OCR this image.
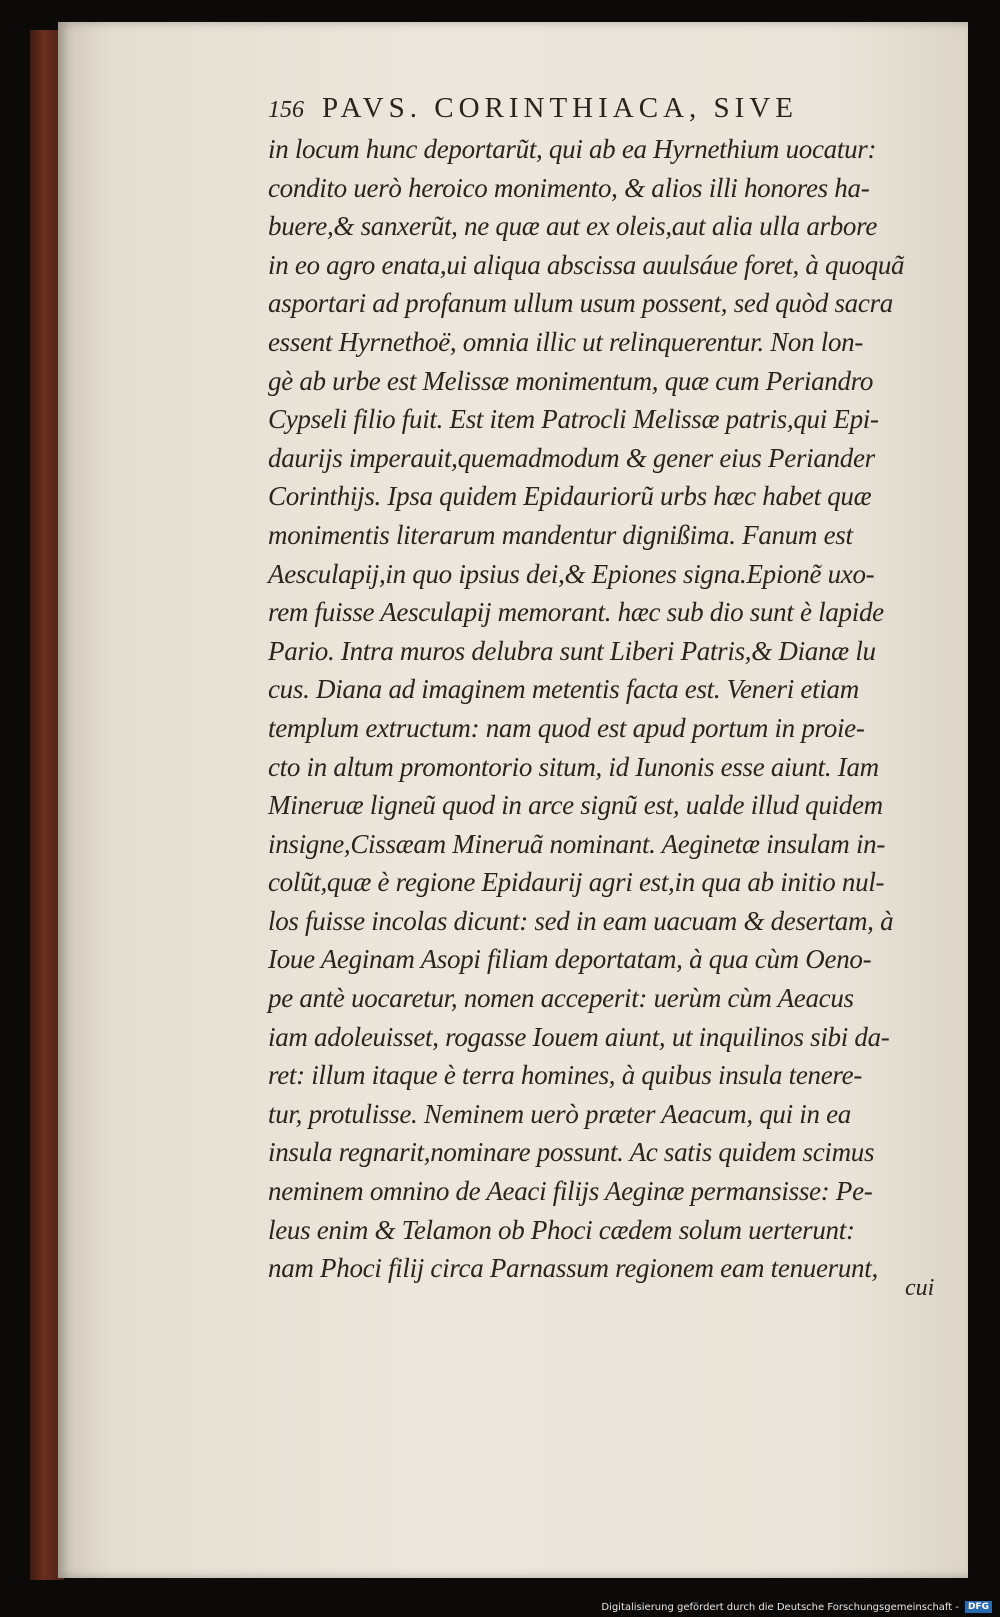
156 PAVS. CORINTHIACA, SIVE
in locum hunc deportarũt, qui ab ea Hyrnethium uocatur:
condito uerò heroico monimento, & alios illi honores ha-
buere,& sanxerũt, ne quæ aut ex oleis,aut alia ulla arbore
in eo agro enata,ui aliqua abscissa auulsáue foret, à quoquã
asportari ad profanum ullum usum possent, sed quòd sacra
essent Hyrnethoë, omnia illic ut relinquerentur. Non lon-
gè ab urbe est Melissæ monimentum, quæ cum Periandro
Cypseli filio fuit. Est item Patrocli Melissæ patris,qui Epi-
daurijs imperauit,quemadmodum & gener eius Periander
Corinthijs. Ipsa quidem Epidauriorũ urbs hæc habet quæ
monimentis literarum mandentur dignißima. Fanum est
Aesculapij,in quo ipsius dei,& Epiones signa.Epionẽ uxo-
rem fuisse Aesculapij memorant. hæc sub dio sunt è lapide
Pario. Intra muros delubra sunt Liberi Patris,& Dianæ lu
cus. Diana ad imaginem metentis facta est. Veneri etiam
templum extructum: nam quod est apud portum in proie-
cto in altum promontorio situm, id Iunonis esse aiunt. Iam
Mineruæ ligneũ quod in arce signũ est, ualde illud quidem
insigne,Cissæam Mineruã nominant. Aeginetæ insulam in-
colũt,quæ è regione Epidaurij agri est,in qua ab initio nul-
los fuisse incolas dicunt: sed in eam uacuam & desertam, à
Ioue Aeginam Asopi filiam deportatam, à qua cùm Oeno-
pe antè uocaretur, nomen acceperit: uerùm cùm Aeacus
iam adoleuisset, rogasse Iouem aiunt, ut inquilinos sibi da-
ret: illum itaque è terra homines, à quibus insula tenere-
tur, protulisse. Neminem uerò præter Aeacum, qui in ea
insula regnarit,nominare possunt. Ac satis quidem scimus
neminem omnino de Aeaci filijs Aeginæ permansisse: Pe-
leus enim & Telamon ob Phoci cædem solum uerterunt:
nam Phoci filij circa Parnassum regionem eam tenuerunt,
cui
Digitalisierung gefördert durch die Deutsche Forschungsgemeinschaft -	DFG
